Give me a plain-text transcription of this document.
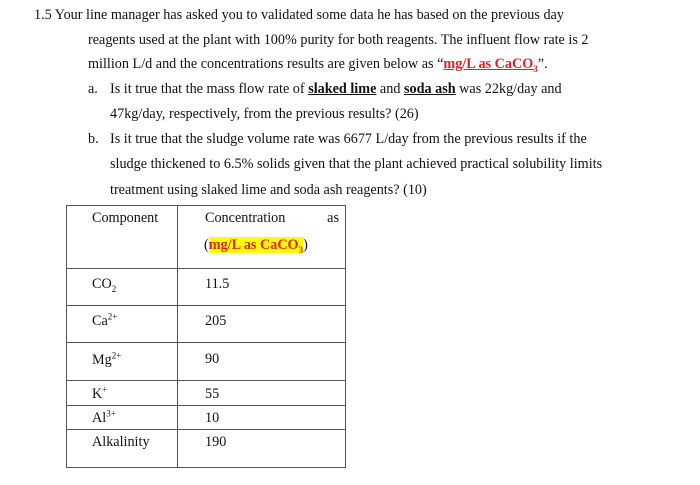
1.5 Your line manager has asked you to validated some data he has based on the previous day
reagents used at the plant with 100% purity for both reagents. The influent flow rate is 2
million L/d and the concentrations results are given below as “mg/L as CaCO$_3$”.
a. Is it true that the mass flow rate of slaked lime and soda ash was 22kg/day and
47kg/day, respectively, from the previous results? (26)
b. Is it true that the sludge volume rate was 6677 L/day from the previous results if the
sludge thickened to 6.5% solids given that the plant achieved practical solubility limits
treatment using slaked lime and soda ash reagents? (10)
Component	Concentration as
(mg/L as CaCO$_3$)

$CO_2$	11.5

$Ca^{2+}$	205

$Mg^{2+}$	90

K+	55

$Al^{3+}$	10

Alkalinity	190
